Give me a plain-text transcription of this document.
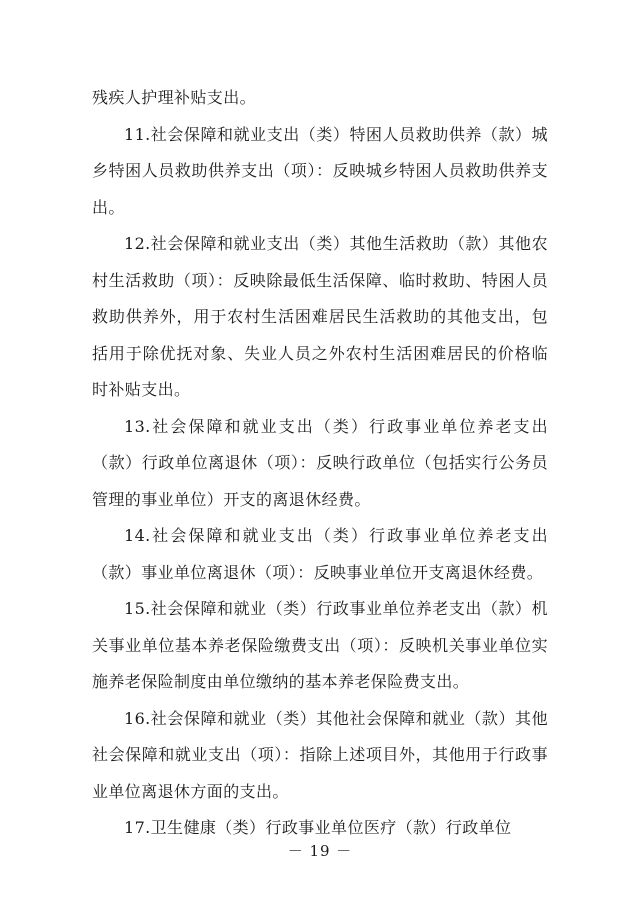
残疾人护理补贴支出。

11.社会保障和就业支出（类）特困人员救助供养（款）城乡特困人员救助供养支出（项）：反映城乡特困人员救助供养支出。

12.社会保障和就业支出（类）其他生活救助（款）其他农村生活救助（项）：反映除最低生活保障、临时救助、特困人员救助供养外，用于农村生活困难居民生活救助的其他支出，包括用于除优抚对象、失业人员之外农村生活困难居民的价格临时补贴支出。

13.社会保障和就业支出（类）行政事业单位养老支出（款）行政单位离退休（项）：反映行政单位（包括实行公务员管理的事业单位）开支的离退休经费。

14.社会保障和就业支出（类）行政事业单位养老支出（款）事业单位离退休（项）：反映事业单位开支离退休经费。

15.社会保障和就业（类）行政事业单位养老支出（款）机关事业单位基本养老保险缴费支出（项）：反映机关事业单位实施养老保险制度由单位缴纳的基本养老保险费支出。

16.社会保障和就业（类）其他社会保障和就业（款）其他社会保障和就业支出（项）：指除上述项目外，其他用于行政事业单位离退休方面的支出。

17.卫生健康（类）行政事业单位医疗（款）行政单位

－ 19 －
